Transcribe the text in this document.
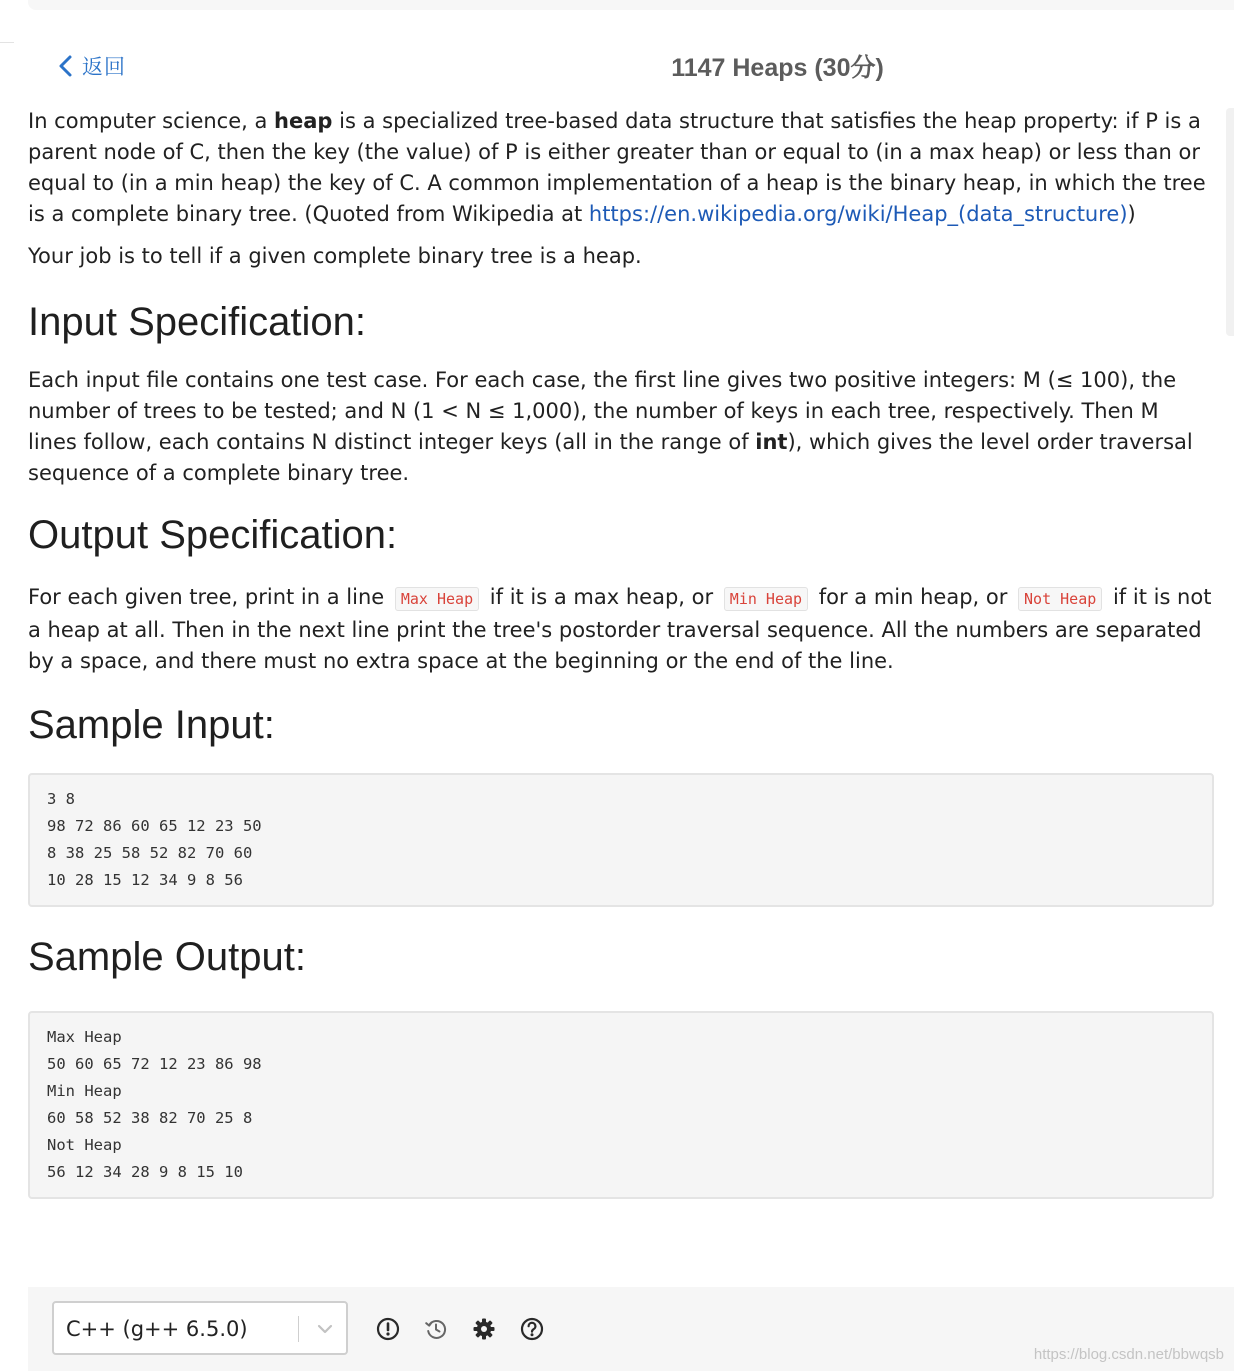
返回	1147 Heaps (30分)

In computer science, a heap is a specialized tree-based data structure that satisfies the heap property: if P is a parent node of C, then the key (the value) of P is either greater than or equal to (in a max heap) or less than or equal to (in a min heap) the key of C. A common implementation of a heap is the binary heap, in which the tree is a complete binary tree. (Quoted from Wikipedia at https://en.wikipedia.org/wiki/Heap_(data_structure))

Your job is to tell if a given complete binary tree is a heap.

Input Specification:

Each input file contains one test case. For each case, the first line gives two positive integers: M (≤ 100), the number of trees to be tested; and N (1 < N ≤ 1,000), the number of keys in each tree, respectively. Then M lines follow, each contains N distinct integer keys (all in the range of int), which gives the level order traversal sequence of a complete binary tree.

Output Specification:

For each given tree, print in a line Max Heap if it is a max heap, or Min Heap for a min heap, or Not Heap if it is not a heap at all. Then in the next line print the tree's postorder traversal sequence. All the numbers are separated by a space, and there must no extra space at the beginning or the end of the line.

Sample Input:
3 8
98 72 86 60 65 12 23 50
8 38 25 58 52 82 70 60
10 28 15 12 34 9 8 56
Sample Output:
Max Heap
50 60 65 72 12 23 86 98
Min Heap
60 58 52 38 82 70 25 8
Not Heap
56 12 34 28 9 8 15 10
C++ (g++ 6.5.0)
https://blog.csdn.net/bbwqsb
